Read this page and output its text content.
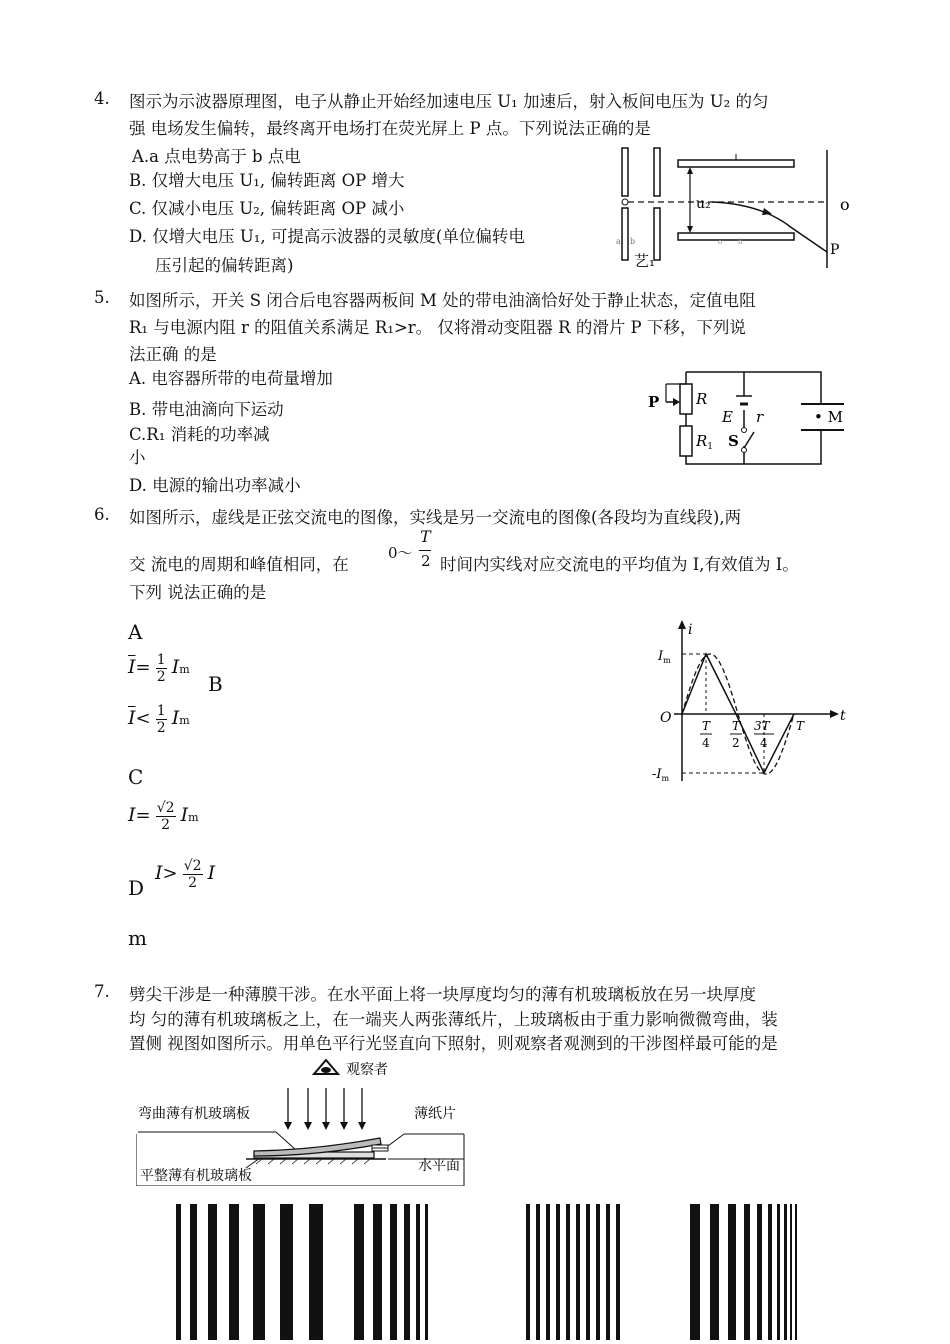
4. 图示为示波器原理图，电子从静止开始经加速电压 U₁ 加速后，射入板间电压为 U₂ 的匀
强 电场发生偏转，最终离开电场打在荧光屏上 P 点。下列说法正确的是
A.a 点电势高于 b 点电
B. 仅增大电压 U₁, 偏转距离 OP 增大
C. 仅减小电压 U₂, 偏转距离 OP 减小
D. 仅增大电压 U₁, 可提高示波器的灵敏度(单位偏转电
压引起的偏转距离)
u₂	o
P
a b	o b
艺₁
5. 如图所示，开关 S 闭合后电容器两板间 M 处的带电油滴恰好处于静止状态，定值电阻
R₁ 与电源内阻 r 的阻值关系满足 R₁>r。 仅将滑动变阻器 R 的滑片 P 下移，下列说
法正确 的是
A. 电容器所带的电荷量增加
B. 带电油滴向下运动
C.R₁ 消耗的功率减
小
D. 电源的输出功率减小
P R
$R_1$
E r
S
• M
6. 如图所示，虚线是正弦交流电的图像，实线是另一交流电的图像(各段均为直线段),两
交 流电的周期和峰值相同，在
0～
T
2 时间内实线对应交流电的平均值为 I,有效值为 I。
下列 说法正确的是
A
$\overline{I}= \frac{1}{2}$ Im
B
$\overline{I}< \frac{1}{2}$ Im
C
$I= \frac{√2}{2}$ Im
D
$I> \frac{√2}{2}$ I
m
i
t
O
$I_m$
$-I_m$
T
4
T
2
3T
4
T
7. 劈尖干涉是一种薄膜干涉。在水平面上将一块厚度均匀的薄有机玻璃板放在另一块厚度
均 匀的薄有机玻璃板之上，在一端夹人两张薄纸片，上玻璃板由于重力影响微微弯曲，装
置侧 视图如图所示。用单色平行光竖直向下照射，则观察者观测到的干涉图样最可能的是
观察者
弯曲薄有机玻璃板	薄纸片
平整薄有机玻璃板
水平面
